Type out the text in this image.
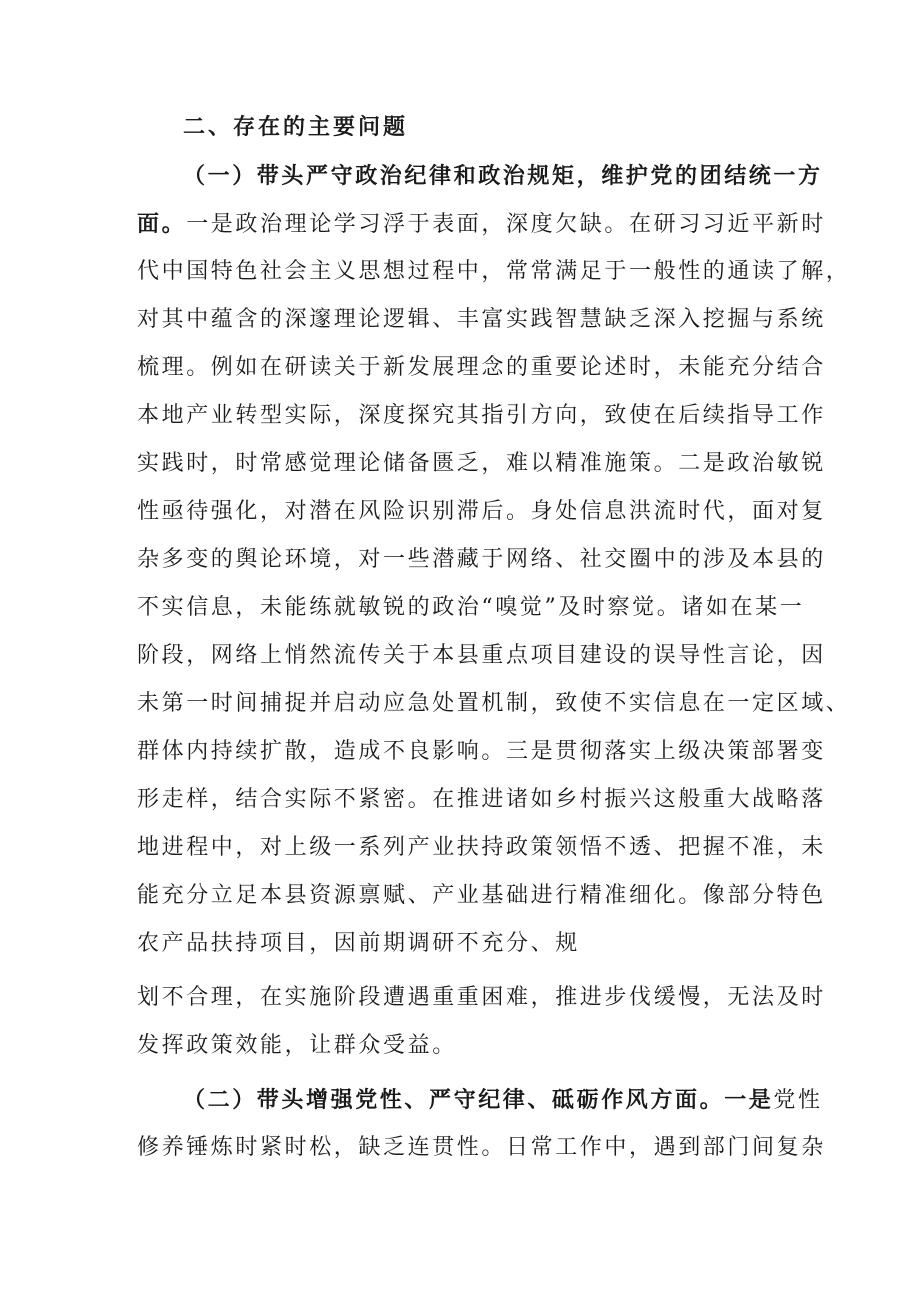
二、存在的主要问题
（一）带头严守政治纪律和政治规矩，维护党的团结统一方
面。一是政治理论学习浮于表面，深度欠缺。在研习习近平新时
代中国特色社会主义思想过程中，常常满足于一般性的通读了解，
对其中蕴含的深邃理论逻辑、丰富实践智慧缺乏深入挖掘与系统
梳理。例如在研读关于新发展理念的重要论述时，未能充分结合
本地产业转型实际，深度探究其指引方向，致使在后续指导工作
实践时，时常感觉理论储备匮乏，难以精准施策。二是政治敏锐
性亟待强化，对潜在风险识别滞后。身处信息洪流时代，面对复
杂多变的舆论环境，对一些潜藏于网络、社交圈中的涉及本县的
不实信息，未能练就敏锐的政治“嗅觉”及时察觉。诸如在某一
阶段，网络上悄然流传关于本县重点项目建设的误导性言论，因
未第一时间捕捉并启动应急处置机制，致使不实信息在一定区域、
群体内持续扩散，造成不良影响。三是贯彻落实上级决策部署变
形走样，结合实际不紧密。在推进诸如乡村振兴这般重大战略落
地进程中，对上级一系列产业扶持政策领悟不透、把握不准，未
能充分立足本县资源禀赋、产业基础进行精准细化。像部分特色
农产品扶持项目，因前期调研不充分、规
划不合理，在实施阶段遭遇重重困难，推进步伐缓慢，无法及时
发挥政策效能，让群众受益。
（二）带头增强党性、严守纪律、砥砺作风方面。一是党性
修养锤炼时紧时松，缺乏连贯性。日常工作中，遇到部门间复杂
